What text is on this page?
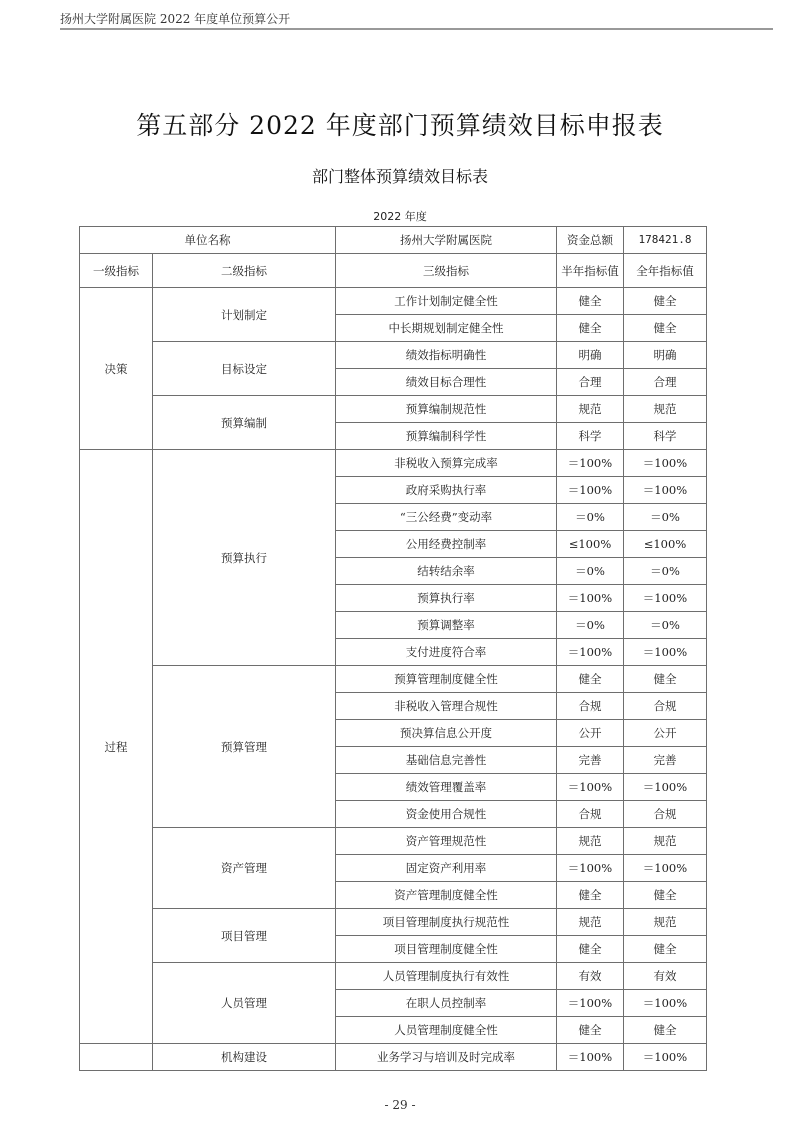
扬州大学附属医院 2022 年度单位预算公开
第五部分 2022 年度部门预算绩效目标申报表
部门整体预算绩效目标表
2022 年度
单位名称		扬州大学附属医院	资金总额	178421.8
一级指标	二级指标	三级指标	半年指标值	全年指标值
决策	计划制定	工作计划制定健全性	健全	健全
		中长期规划制定健全性	健全	健全
	目标设定	绩效指标明确性	明确	明确
		绩效目标合理性	合理	合理
	预算编制	预算编制规范性	规范	规范
		预算编制科学性	科学	科学
过程	预算执行	非税收入预算完成率	＝100%	＝100%
		政府采购执行率	＝100%	＝100%
		“三公经费”变动率	＝0%	＝0%
		公用经费控制率	≤100%	≤100%
		结转结余率	＝0%	＝0%
		预算执行率	＝100%	＝100%
		预算调整率	＝0%	＝0%
		支付进度符合率	＝100%	＝100%
	预算管理	预算管理制度健全性	健全	健全
		非税收入管理合规性	合规	合规
		预决算信息公开度	公开	公开
		基础信息完善性	完善	完善
		绩效管理覆盖率	＝100%	＝100%
		资金使用合规性	合规	合规
	资产管理	资产管理规范性	规范	规范
		固定资产利用率	＝100%	＝100%
		资产管理制度健全性	健全	健全
	项目管理	项目管理制度执行规范性	规范	规范
		项目管理制度健全性	健全	健全
	人员管理	人员管理制度执行有效性	有效	有效
		在职人员控制率	＝100%	＝100%
		人员管理制度健全性	健全	健全
	机构建设	业务学习与培训及时完成率	＝100%	＝100%
- 29 -
